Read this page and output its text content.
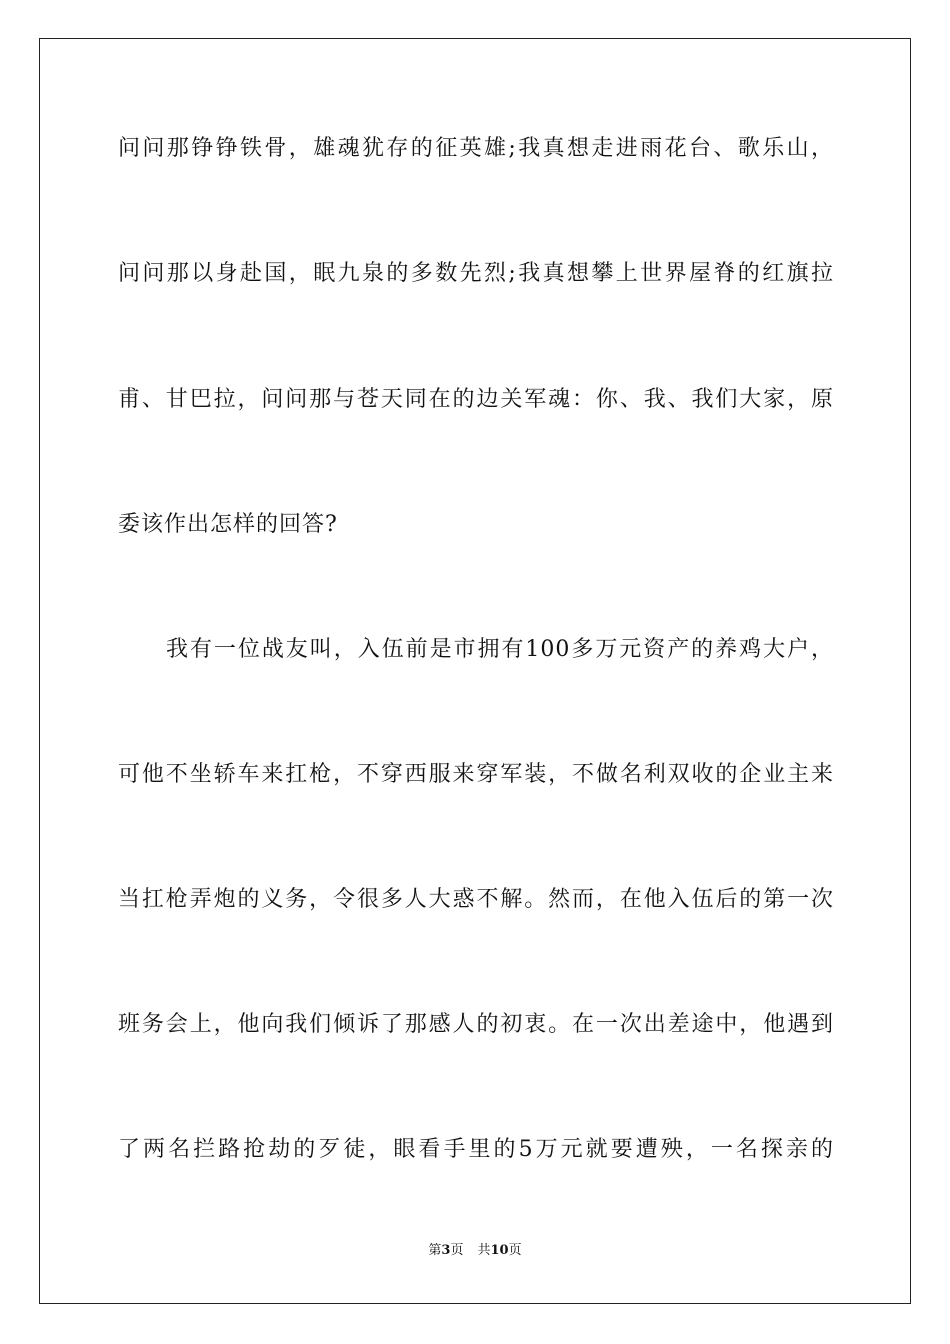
问问那铮铮铁骨，雄魂犹存的征英雄;我真想走进雨花台、歌乐山，
问问那以身赴国，眠九泉的多数先烈;我真想攀上世界屋脊的红旗拉
甫、甘巴拉，问问那与苍天同在的边关军魂：你、我、我们大家，原
委该作出怎样的回答?
我有一位战友叫，入伍前是市拥有100多万元资产的养鸡大户，
可他不坐轿车来扛枪，不穿西服来穿军装，不做名利双收的企业主来
当扛枪弄炮的义务，令很多人大惑不解。然而，在他入伍后的第一次
班务会上，他向我们倾诉了那感人的初衷。在一次出差途中，他遇到
了两名拦路抢劫的歹徒，眼看手里的5万元就要遭殃，一名探亲的
第3页 共10页
